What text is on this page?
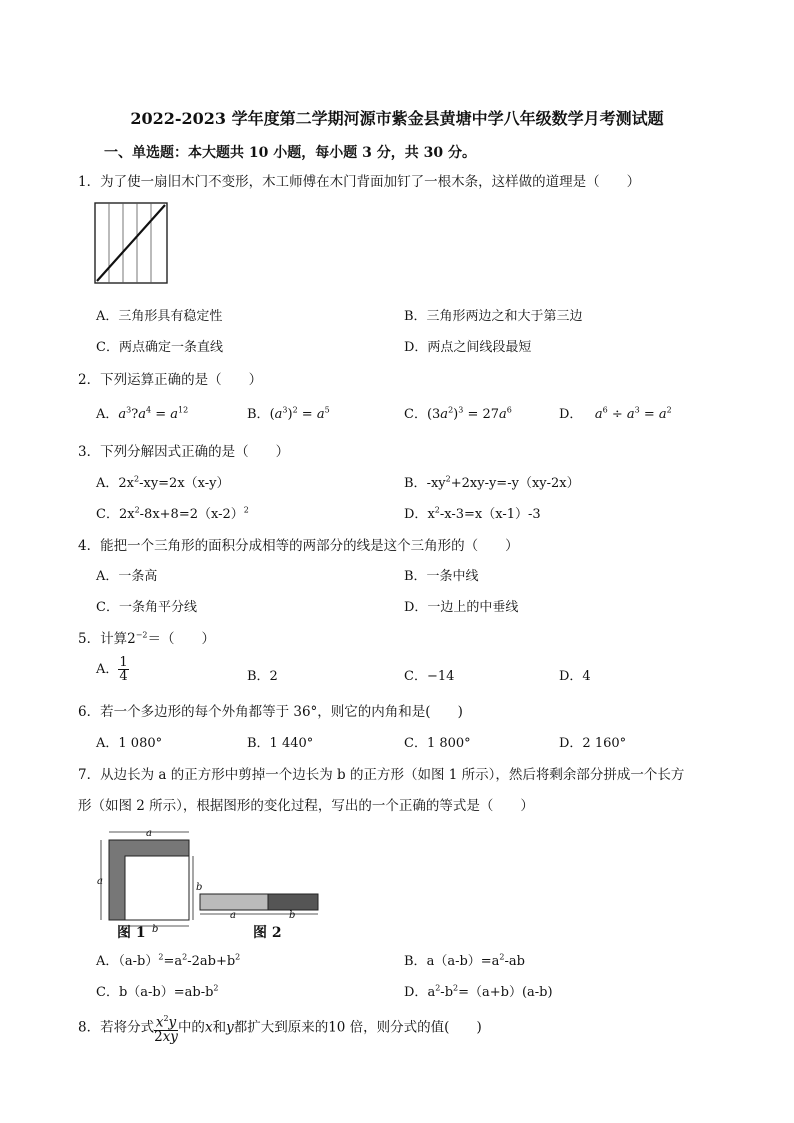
2022-2023 学年度第二学期河源市紫金县黄塘中学八年级数学月考测试题
一、单选题：本大题共 10 小题，每小题 3 分，共 30 分。
1．为了使一扇旧木门不变形，木工师傅在木门背面加钉了一根木条，这样做的道理是（　　）
A．三角形具有稳定性	B．三角形两边之和大于第三边
C．两点确定一条直线	D．两点之间线段最短
2．下列运算正确的是（　　）
A．$a^3?a^4 = a^{12}$	B．$(a^3)^2 = a^5$	C．$(3a^2)^3 = 27a^6$	D． $a^6 \div a^3 = a^2$
3．下列分解因式正确的是（　　）
A．$2x^2-xy=2x(x-y)$	B．$-xy^2+2xy-y=-y(xy-2x)$
C．$2x^2-8x+8=2(x-2)^2$	D．$x^2-x-3=x(x-1)-3$
4．能把一个三角形的面积分成相等的两部分的线是这个三角形的（　　）
A．一条高	B．一条中线
C．一条角平分线	D．一边上的中垂线
5．计算$2^{-2}=$（　　）
A． $\frac{1}{4}$	B．2	C．−14	D．4
6．若一个多边形的每个外角都等于 36°，则它的内角和是(　　)
A．1 080°	B．1 440°	C．1 800°	D．2 160°
7．从边长为 a 的正方形中剪掉一个边长为 b 的正方形（如图 1 所示），然后将剩余部分拼成一个长方
形（如图 2 所示），根据图形的变化过程，写出的一个正确的等式是（　　）
a
a
b
b
a	b
图 1	图 2
A．$(a-b)^2=a^2-2ab+b^2$	B．$a(a-b)=a^2-ab$
C．$b(a-b)=ab-b^2$	D．$a^2-b^2=(a+b)(a-b)$
8．若将分式 $\frac{x^2y}{2xy}$ 中的x和y都扩大到原来的10 倍，则分式的值(　　)
